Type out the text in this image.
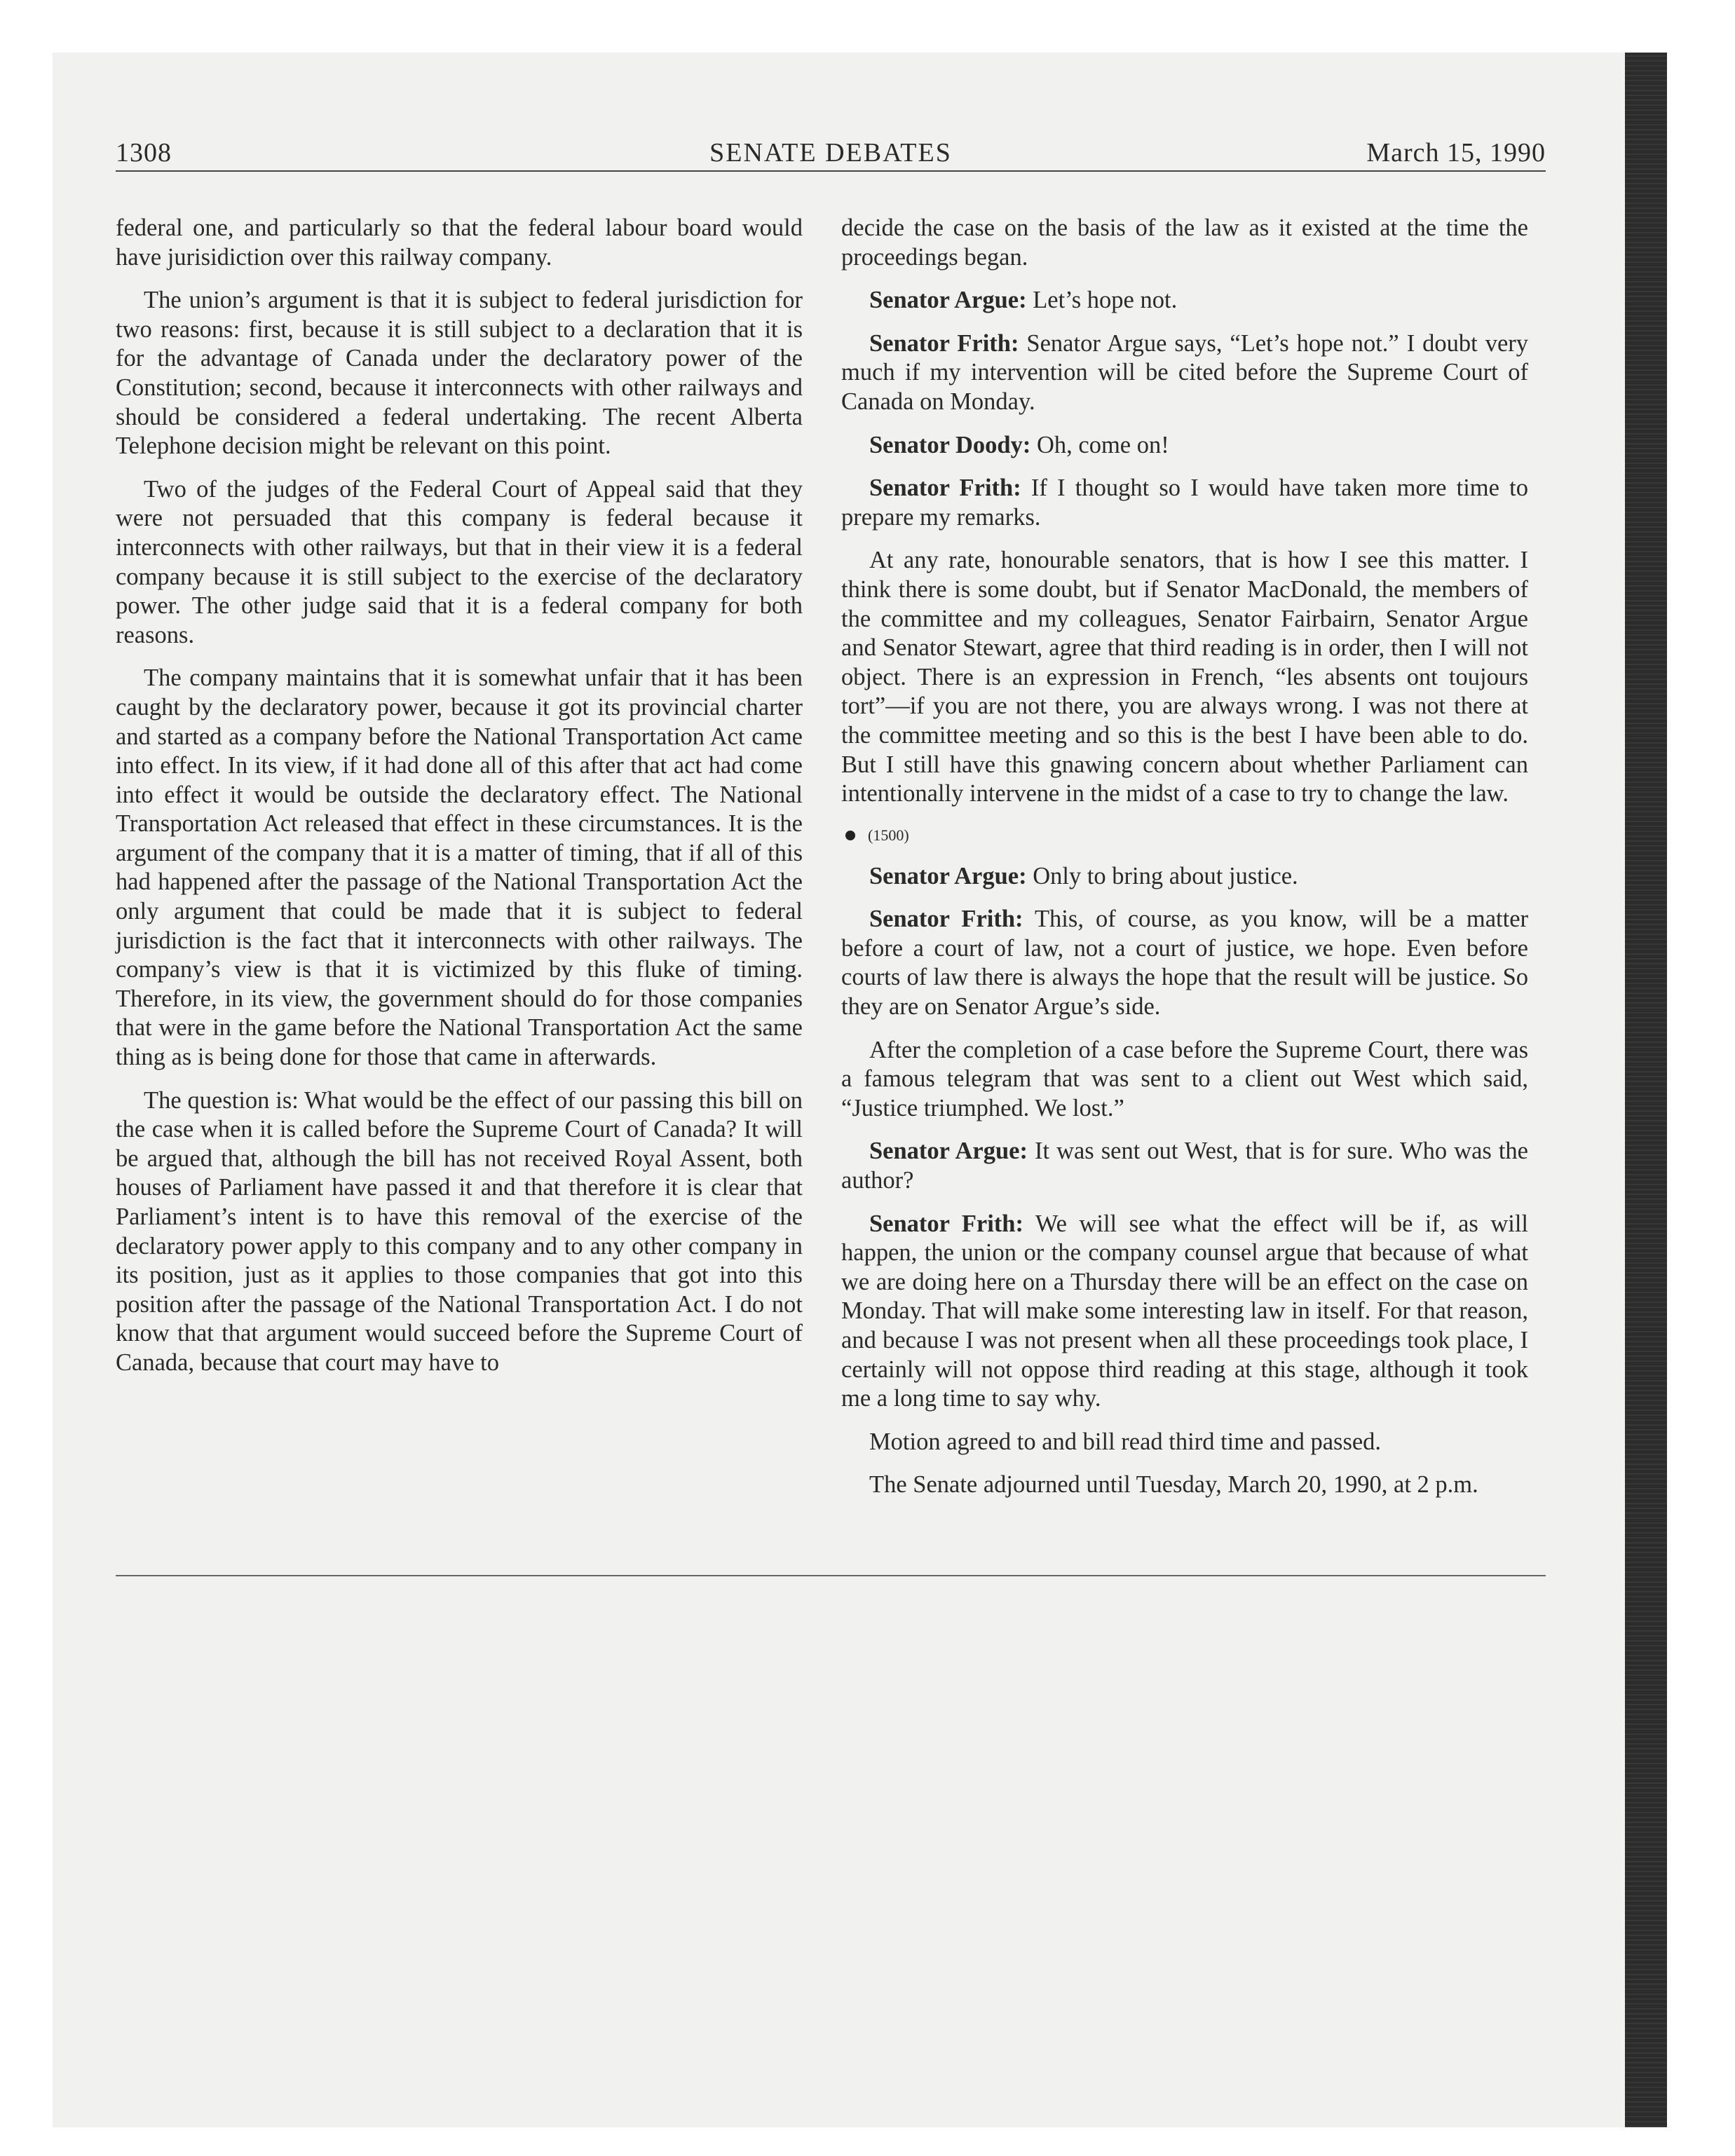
1308	SENATE DEBATES	March 15, 1990

federal one, and particularly so that the federal labour board would have jurisidiction over this railway company.

The union’s argument is that it is subject to federal jurisdiction for two reasons: first, because it is still subject to a declaration that it is for the advantage of Canada under the declaratory power of the Constitution; second, because it interconnects with other railways and should be considered a federal undertaking. The recent Alberta Telephone decision might be relevant on this point.

Two of the judges of the Federal Court of Appeal said that they were not persuaded that this company is federal because it interconnects with other railways, but that in their view it is a federal company because it is still subject to the exercise of the declaratory power. The other judge said that it is a federal company for both reasons.

The company maintains that it is somewhat unfair that it has been caught by the declaratory power, because it got its provincial charter and started as a company before the National Transportation Act came into effect. In its view, if it had done all of this after that act had come into effect it would be outside the declaratory effect. The National Transportation Act released that effect in these circumstances. It is the argument of the company that it is a matter of timing, that if all of this had happened after the passage of the National Transportation Act the only argument that could be made that it is subject to federal jurisdiction is the fact that it interconnects with other railways. The company’s view is that it is victimized by this fluke of timing. Therefore, in its view, the government should do for those companies that were in the game before the National Transportation Act the same thing as is being done for those that came in afterwards.

The question is: What would be the effect of our passing this bill on the case when it is called before the Supreme Court of Canada? It will be argued that, although the bill has not received Royal Assent, both houses of Parliament have passed it and that therefore it is clear that Parliament’s intent is to have this removal of the exercise of the declaratory power apply to this company and to any other company in its position, just as it applies to those companies that got into this position after the passage of the National Transportation Act. I do not know that that argument would succeed before the Supreme Court of Canada, because that court may have to

decide the case on the basis of the law as it existed at the time the proceedings began.

Senator Argue: Let’s hope not.

Senator Frith: Senator Argue says, “Let’s hope not.” I doubt very much if my intervention will be cited before the Supreme Court of Canada on Monday.

Senator Doody: Oh, come on!

Senator Frith: If I thought so I would have taken more time to prepare my remarks.

At any rate, honourable senators, that is how I see this matter. I think there is some doubt, but if Senator MacDonald, the members of the committee and my colleagues, Senator Fairbairn, Senator Argue and Senator Stewart, agree that third reading is in order, then I will not object. There is an expression in French, “les absents ont toujours tort”—if you are not there, you are always wrong. I was not there at the committee meeting and so this is the best I have been able to do. But I still have this gnawing concern about whether Parliament can intentionally intervene in the midst of a case to try to change the law.

(1500)

Senator Argue: Only to bring about justice.

Senator Frith: This, of course, as you know, will be a matter before a court of law, not a court of justice, we hope. Even before courts of law there is always the hope that the result will be justice. So they are on Senator Argue’s side.

After the completion of a case before the Supreme Court, there was a famous telegram that was sent to a client out West which said, “Justice triumphed. We lost.”

Senator Argue: It was sent out West, that is for sure. Who was the author?

Senator Frith: We will see what the effect will be if, as will happen, the union or the company counsel argue that because of what we are doing here on a Thursday there will be an effect on the case on Monday. That will make some interesting law in itself. For that reason, and because I was not present when all these proceedings took place, I certainly will not oppose third reading at this stage, although it took me a long time to say why.

Motion agreed to and bill read third time and passed.

The Senate adjourned until Tuesday, March 20, 1990, at 2 p.m.
